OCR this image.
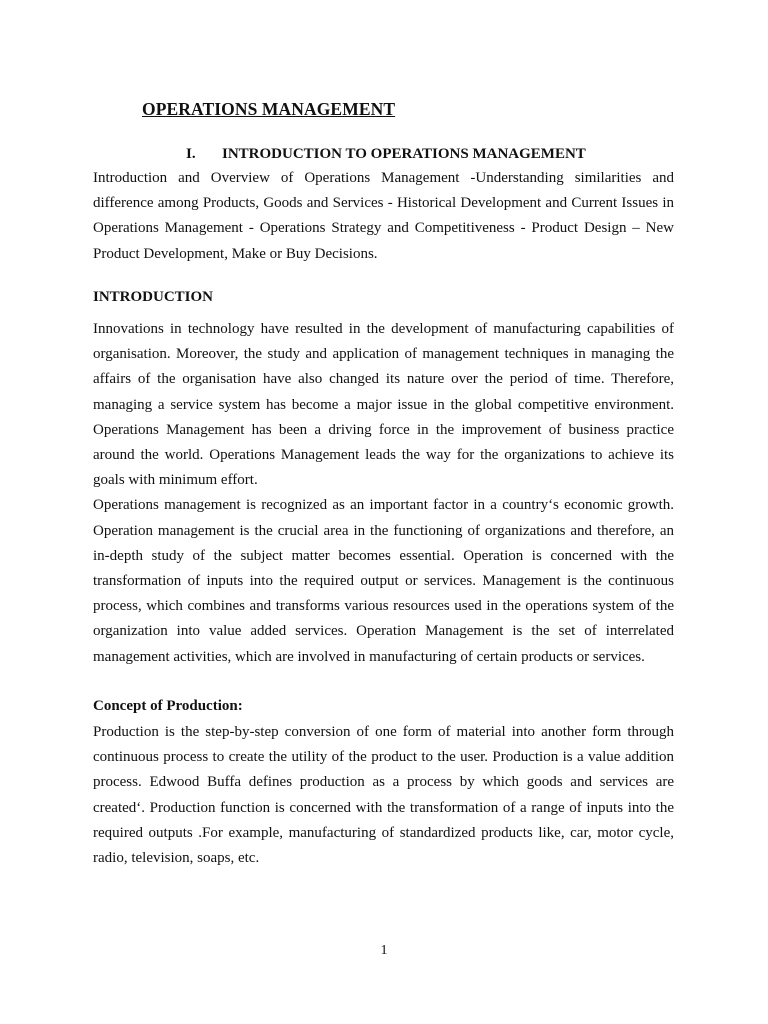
OPERATIONS MANAGEMENT
I. INTRODUCTION TO OPERATIONS MANAGEMENT

Introduction and Overview of Operations Management -Understanding similarities and difference among Products, Goods and Services - Historical Development and Current Issues in Operations Management - Operations Strategy and Competitiveness - Product Design – New Product Development, Make or Buy Decisions.

INTRODUCTION

Innovations in technology have resulted in the development of manufacturing capabilities of organisation. Moreover, the study and application of management techniques in managing the affairs of the organisation have also changed its nature over the period of time. Therefore, managing a service system has become a major issue in the global competitive environment. Operations Management has been a driving force in the improvement of business practice around the world. Operations Management leads the way for the organizations to achieve its goals with minimum effort.

Operations management is recognized as an important factor in a country‘s economic growth. Operation management is the crucial area in the functioning of organizations and therefore, an in-depth study of the subject matter becomes essential. Operation is concerned with the transformation of inputs into the required output or services. Management is the continuous process, which combines and transforms various resources used in the operations system of the organization into value added services. Operation Management is the set of interrelated management activities, which are involved in manufacturing of certain products or services.

Concept of Production:

Production is the step-by-step conversion of one form of material into another form through continuous process to create the utility of the product to the user. Production is a value addition process. Edwood Buffa defines production as a process by which goods and services are created‘. Production function is concerned with the transformation of a range of inputs into the required outputs .For example, manufacturing of standardized products like, car, motor cycle, radio, television, soaps, etc.

1
